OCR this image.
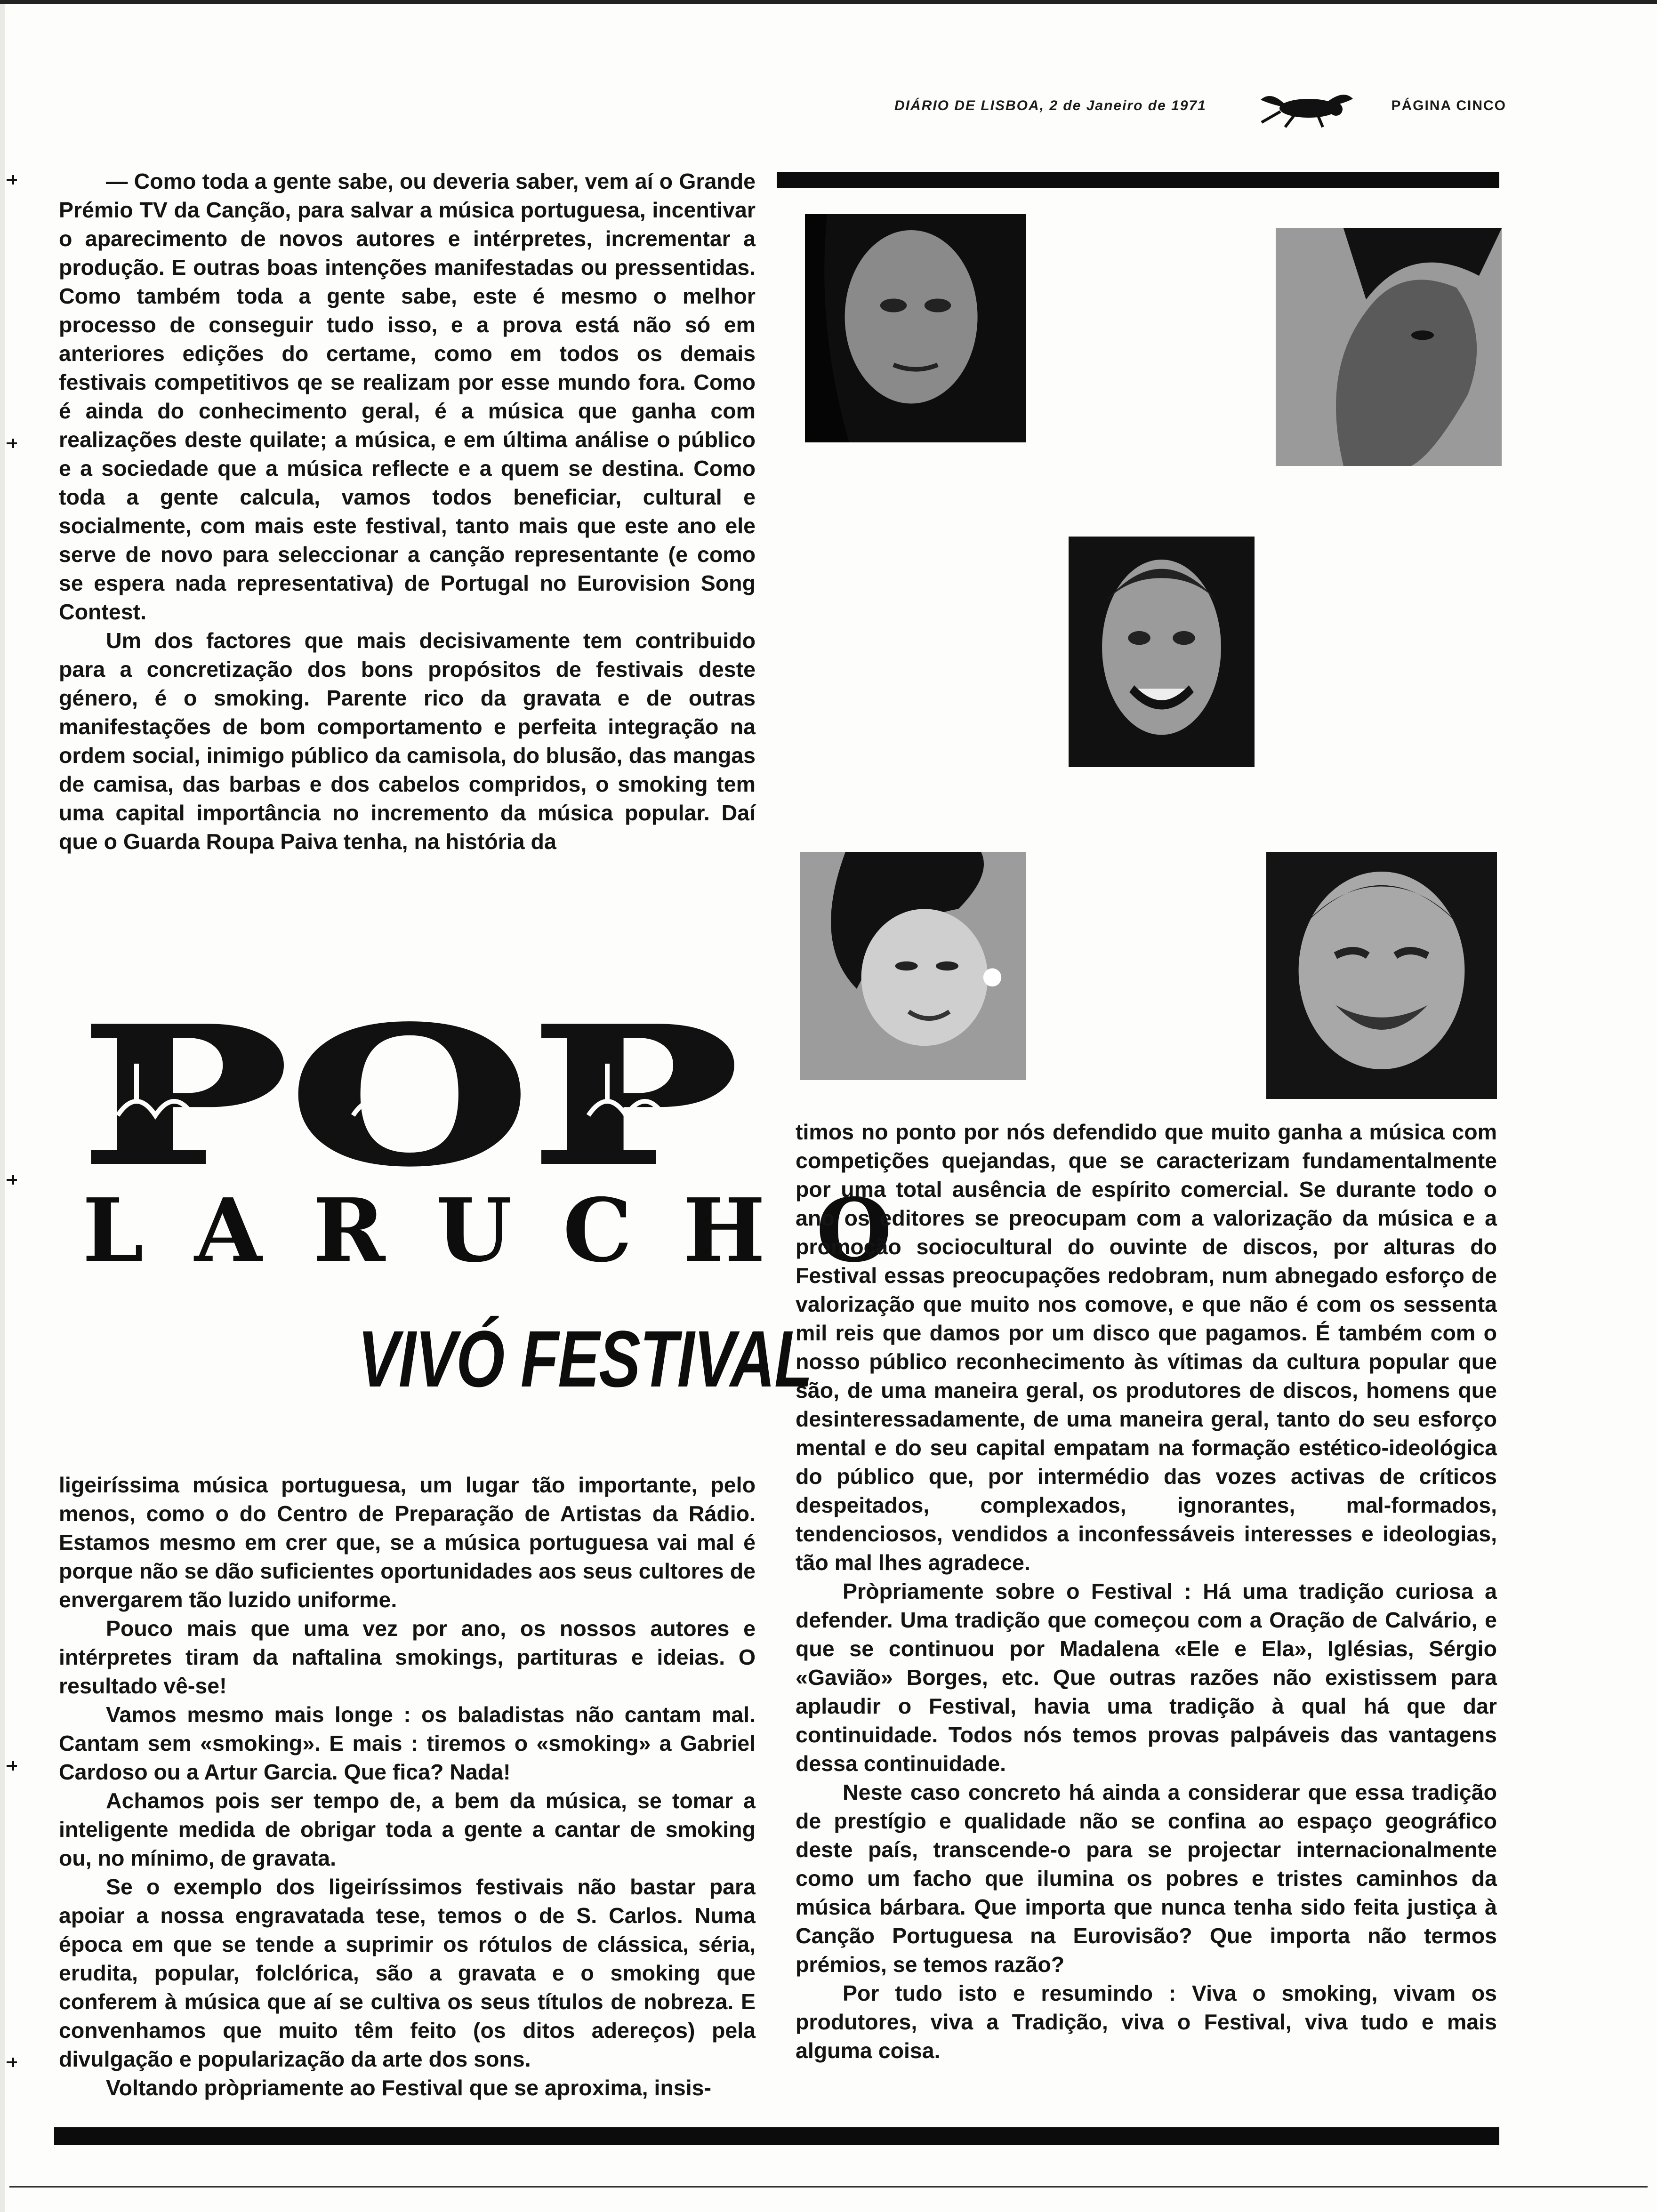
DIÁRIO DE LISBOA, 2 de Janeiro de 1971	PÁGINA CINCO

— Como toda a gente sabe, ou deveria saber, vem aí o Grande Prémio TV da Canção, para salvar a música portuguesa, incentivar o aparecimento de novos autores e intérpretes, incrementar a produção. E outras boas intenções manifestadas ou pressentidas. Como também toda a gente sabe, este é mesmo o melhor processo de conseguir tudo isso, e a prova está não só em anteriores edições do certame, como em todos os demais festivais competitivos qe se realizam por esse mundo fora. Como é ainda do conhecimento geral, é a música que ganha com realizações deste quilate; a música, e em última análise o público e a sociedade que a música reflecte e a quem se destina. Como toda a gente calcula, vamos todos beneficiar, cultural e socialmente, com mais este festival, tanto mais que este ano ele serve de novo para seleccionar a canção representante (e como se espera nada representativa) de Portugal no Eurovision Song Contest.

Um dos factores que mais decisivamente tem contribuido para a concretização dos bons propósitos de festivais deste género, é o smoking. Parente rico da gravata e de outras manifestações de bom comportamento e perfeita integração na ordem social, inimigo público da camisola, do blusão, das mangas de camisa, das barbas e dos cabelos compridos, o smoking tem uma capital importância no incremento da música popular. Daí que o Guarda Roupa Paiva tenha, na história da

POP
LARUCHO
VIVÓ FESTIVAL

ligeiríssima música portuguesa, um lugar tão importante, pelo menos, como o do Centro de Preparação de Artistas da Rádio. Estamos mesmo em crer que, se a música portuguesa vai mal é porque não se dão suficientes oportunidades aos seus cultores de envergarem tão luzido uniforme.

Pouco mais que uma vez por ano, os nossos autores e intérpretes tiram da naftalina smokings, partituras e ideias. O resultado vê-se!

Vamos mesmo mais longe : os baladistas não cantam mal. Cantam sem «smoking». E mais : tiremos o «smoking» a Gabriel Cardoso ou a Artur Garcia. Que fica? Nada!

Achamos pois ser tempo de, a bem da música, se tomar a inteligente medida de obrigar toda a gente a cantar de smoking ou, no mínimo, de gravata.

Se o exemplo dos ligeiríssimos festivais não bastar para apoiar a nossa engravatada tese, temos o de S. Carlos. Numa época em que se tende a suprimir os rótulos de clássica, séria, erudita, popular, folclórica, são a gravata e o smoking que conferem à música que aí se cultiva os seus títulos de nobreza. E convenhamos que muito têm feito (os ditos adereços) pela divulgação e popularização da arte dos sons.

Voltando pròpriamente ao Festival que se aproxima, insis-

timos no ponto por nós defendido que muito ganha a música com competições quejandas, que se caracterizam fundamentalmente por uma total ausência de espírito comercial. Se durante todo o ano os editores se preocupam com a valorização da música e a promoção sociocultural do ouvinte de discos, por alturas do Festival essas preocupações redobram, num abnegado esforço de valorização que muito nos comove, e que não é com os sessenta mil reis que damos por um disco que pagamos. É também com o nosso público reconhecimento às vítimas da cultura popular que são, de uma maneira geral, os produtores de discos, homens que desinteressadamente, de uma maneira geral, tanto do seu esforço mental e do seu capital empatam na formação estético-ideológica do público que, por intermédio das vozes activas de críticos despeitados, complexados, ignorantes, mal-formados, tendenciosos, vendidos a inconfessáveis interesses e ideologias, tão mal lhes agradece.

Pròpriamente sobre o Festival : Há uma tradição curiosa a defender. Uma tradição que começou com a Oração de Calvário, e que se continuou por Madalena «Ele e Ela», Iglésias, Sérgio «Gavião» Borges, etc. Que outras razões não existissem para aplaudir o Festival, havia uma tradição à qual há que dar continuidade. Todos nós temos provas palpáveis das vantagens dessa continuidade.

Neste caso concreto há ainda a considerar que essa tradição de prestígio e qualidade não se confina ao espaço geográfico deste país, transcende-o para se projectar internacionalmente como um facho que ilumina os pobres e tristes caminhos da música bárbara. Que importa que nunca tenha sido feita justiça à Canção Portuguesa na Eurovisão? Que importa não termos prémios, se temos razão?

Por tudo isto e resumindo : Viva o smoking, vivam os produtores, viva a Tradição, viva o Festival, viva tudo e mais alguma coisa.
